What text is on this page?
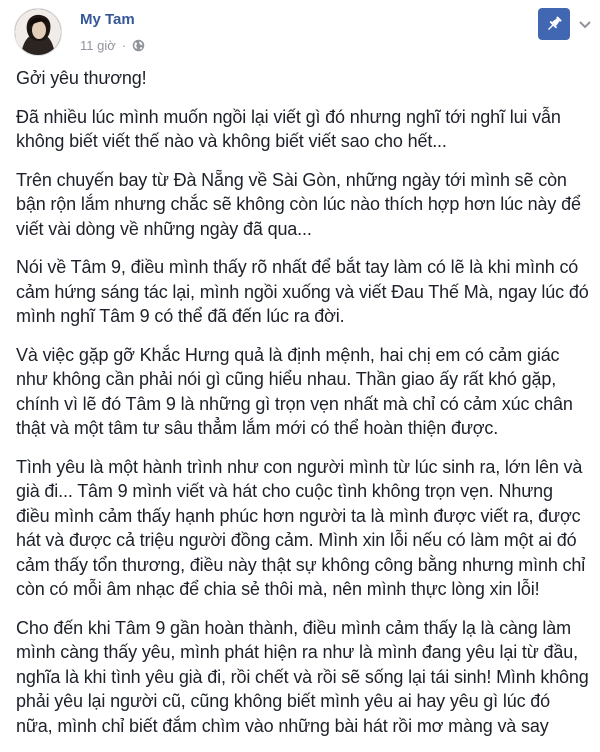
My Tam
11 giờ ·

Gởi yêu thương!

Đã nhiều lúc mình muốn ngồi lại viết gì đó nhưng nghĩ tới nghĩ lui vẫn không biết viết thế nào và không biết viết sao cho hết...

Trên chuyến bay từ Đà Nẵng về Sài Gòn, những ngày tới mình sẽ còn bận rộn lắm nhưng chắc sẽ không còn lúc nào thích hợp hơn lúc này để viết vài dòng về những ngày đã qua...

Nói về Tâm 9, điều mình thấy rõ nhất để bắt tay làm có lẽ là khi mình có cảm hứng sáng tác lại, mình ngồi xuống và viết Đau Thế Mà, ngay lúc đó mình nghĩ Tâm 9 có thể đã đến lúc ra đời.

Và việc gặp gỡ Khắc Hưng quả là định mệnh, hai chị em có cảm giác như không cần phải nói gì cũng hiểu nhau. Thần giao ấy rất khó gặp, chính vì lẽ đó Tâm 9 là những gì trọn vẹn nhất mà chỉ có cảm xúc chân thật và một tâm tư sâu thẳm lắm mới có thể hoàn thiện được.

Tình yêu là một hành trình như con người mình từ lúc sinh ra, lớn lên và già đi... Tâm 9 mình viết và hát cho cuộc tình không trọn vẹn. Nhưng điều mình cảm thấy hạnh phúc hơn người ta là mình được viết ra, được hát và được cả triệu người đồng cảm. Mình xin lỗi nếu có làm một ai đó cảm thấy tổn thương, điều này thật sự không công bằng nhưng mình chỉ còn có mỗi âm nhạc để chia sẻ thôi mà, nên mình thực lòng xin lỗi!

Cho đến khi Tâm 9 gần hoàn thành, điều mình cảm thấy lạ là càng làm mình càng thấy yêu, mình phát hiện ra như là mình đang yêu lại từ đầu, nghĩa là khi tình yêu già đi, rồi chết và rồi sẽ sống lại tái sinh! Mình không phải yêu lại người cũ, cũng không biết mình yêu ai hay yêu gì lúc đó nữa, mình chỉ biết đắm chìm vào những bài hát rồi mơ màng và say
